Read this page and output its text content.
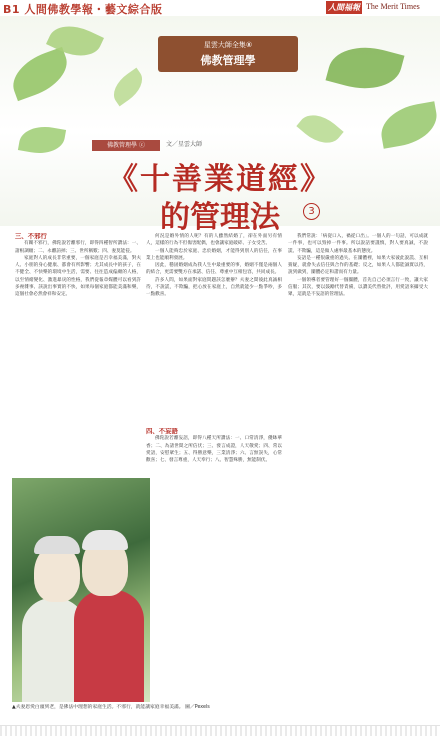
B1 人間佛教學報・藝文綜合版	人間福報 The Merit Times
星雲大師全集⑧
佛教管理學
佛教管理學 ⓒ	文／星雲大師
《十善業道經》
的管理法	3

三、不邪行

有關不邪行，佛陀說若離邪行，即得四種智所讚法：一、諸根調順；二、永離諠掉；三、世所稱歎；四、妻莫能侵。

家庭對人的成長非常重要，一個家庭是否幸福美滿，對夫人、小朋的身心健康、都會有所影響；尤其成長中的孩子，在不健全、不快樂的環境中生活，需要、往往造成偏頗的人格，以至情緒變化、激進暴戾的性格，我們從報章媒體可以看到許多複雜事、該說出事實的不快，如果每個家庭都能美滿和樂，這個社會必然會祥和安定。

何況是婚外情的人呢？有的人雖然結婚了，卻在外面另有情人，這樣的行為不但傷害配偶，也會讓家庭破碎、子女受苦。

一個人能夠忠於家庭、忠於婚姻，才能得到別人的信任，在事業上也能順利發展。

因此，穩固婚姻成為我人生中最重要的事，婚姻不僅是兩個人的結合，更需要雙方在承諾、信任、尊重中互相包容，共同成長。

許多人問，如果面對家庭問題該怎麼辦？夫妻之間彼此真誠相待，不說謊，不欺騙，把心放在家庭上，自然就能少一點爭吵，多一點歡喜。

四、不妄語

佛陀說若離妄語，即得八種天所讚法：一、口常清淨，優缽華香；二、為諸世間之所信伏；三、發言成證，人天敬愛；四、常以愛語，安慰眾生；五、得勝意樂，三業清淨；六、言無誤失，心常歡喜；七、發言尊重，人天奉行；八、智慧殊勝，無能制伏。

我們常說：「病從口入，禍從口出」。一個人的一句話，可以成就一件事，也可以毀掉一件事。所以說話要謹慎，對人要真誠，不說謊、不欺騙，這是做人處事最基本的態度。

妄語是一種很嚴重的過失。在團體裡，如果大家彼此說謊、互相猜疑，就會失去信任與合作的基礎；反之，如果人人都能誠實以待，說到做到，團體必定和諧而有力量。

一個領導者要管理好一個團體，首先自己必須言行一致，讓大家信服；其次，要以鼓勵代替責備，以讚美代替批評，用愛語來攝受大眾，這就是不妄語的管理法。

▲夫妻恩愛白頭到老，是佛法中理想的家庭生活。不邪行，就能讓家庭幸福美滿。 圖／Pexels
